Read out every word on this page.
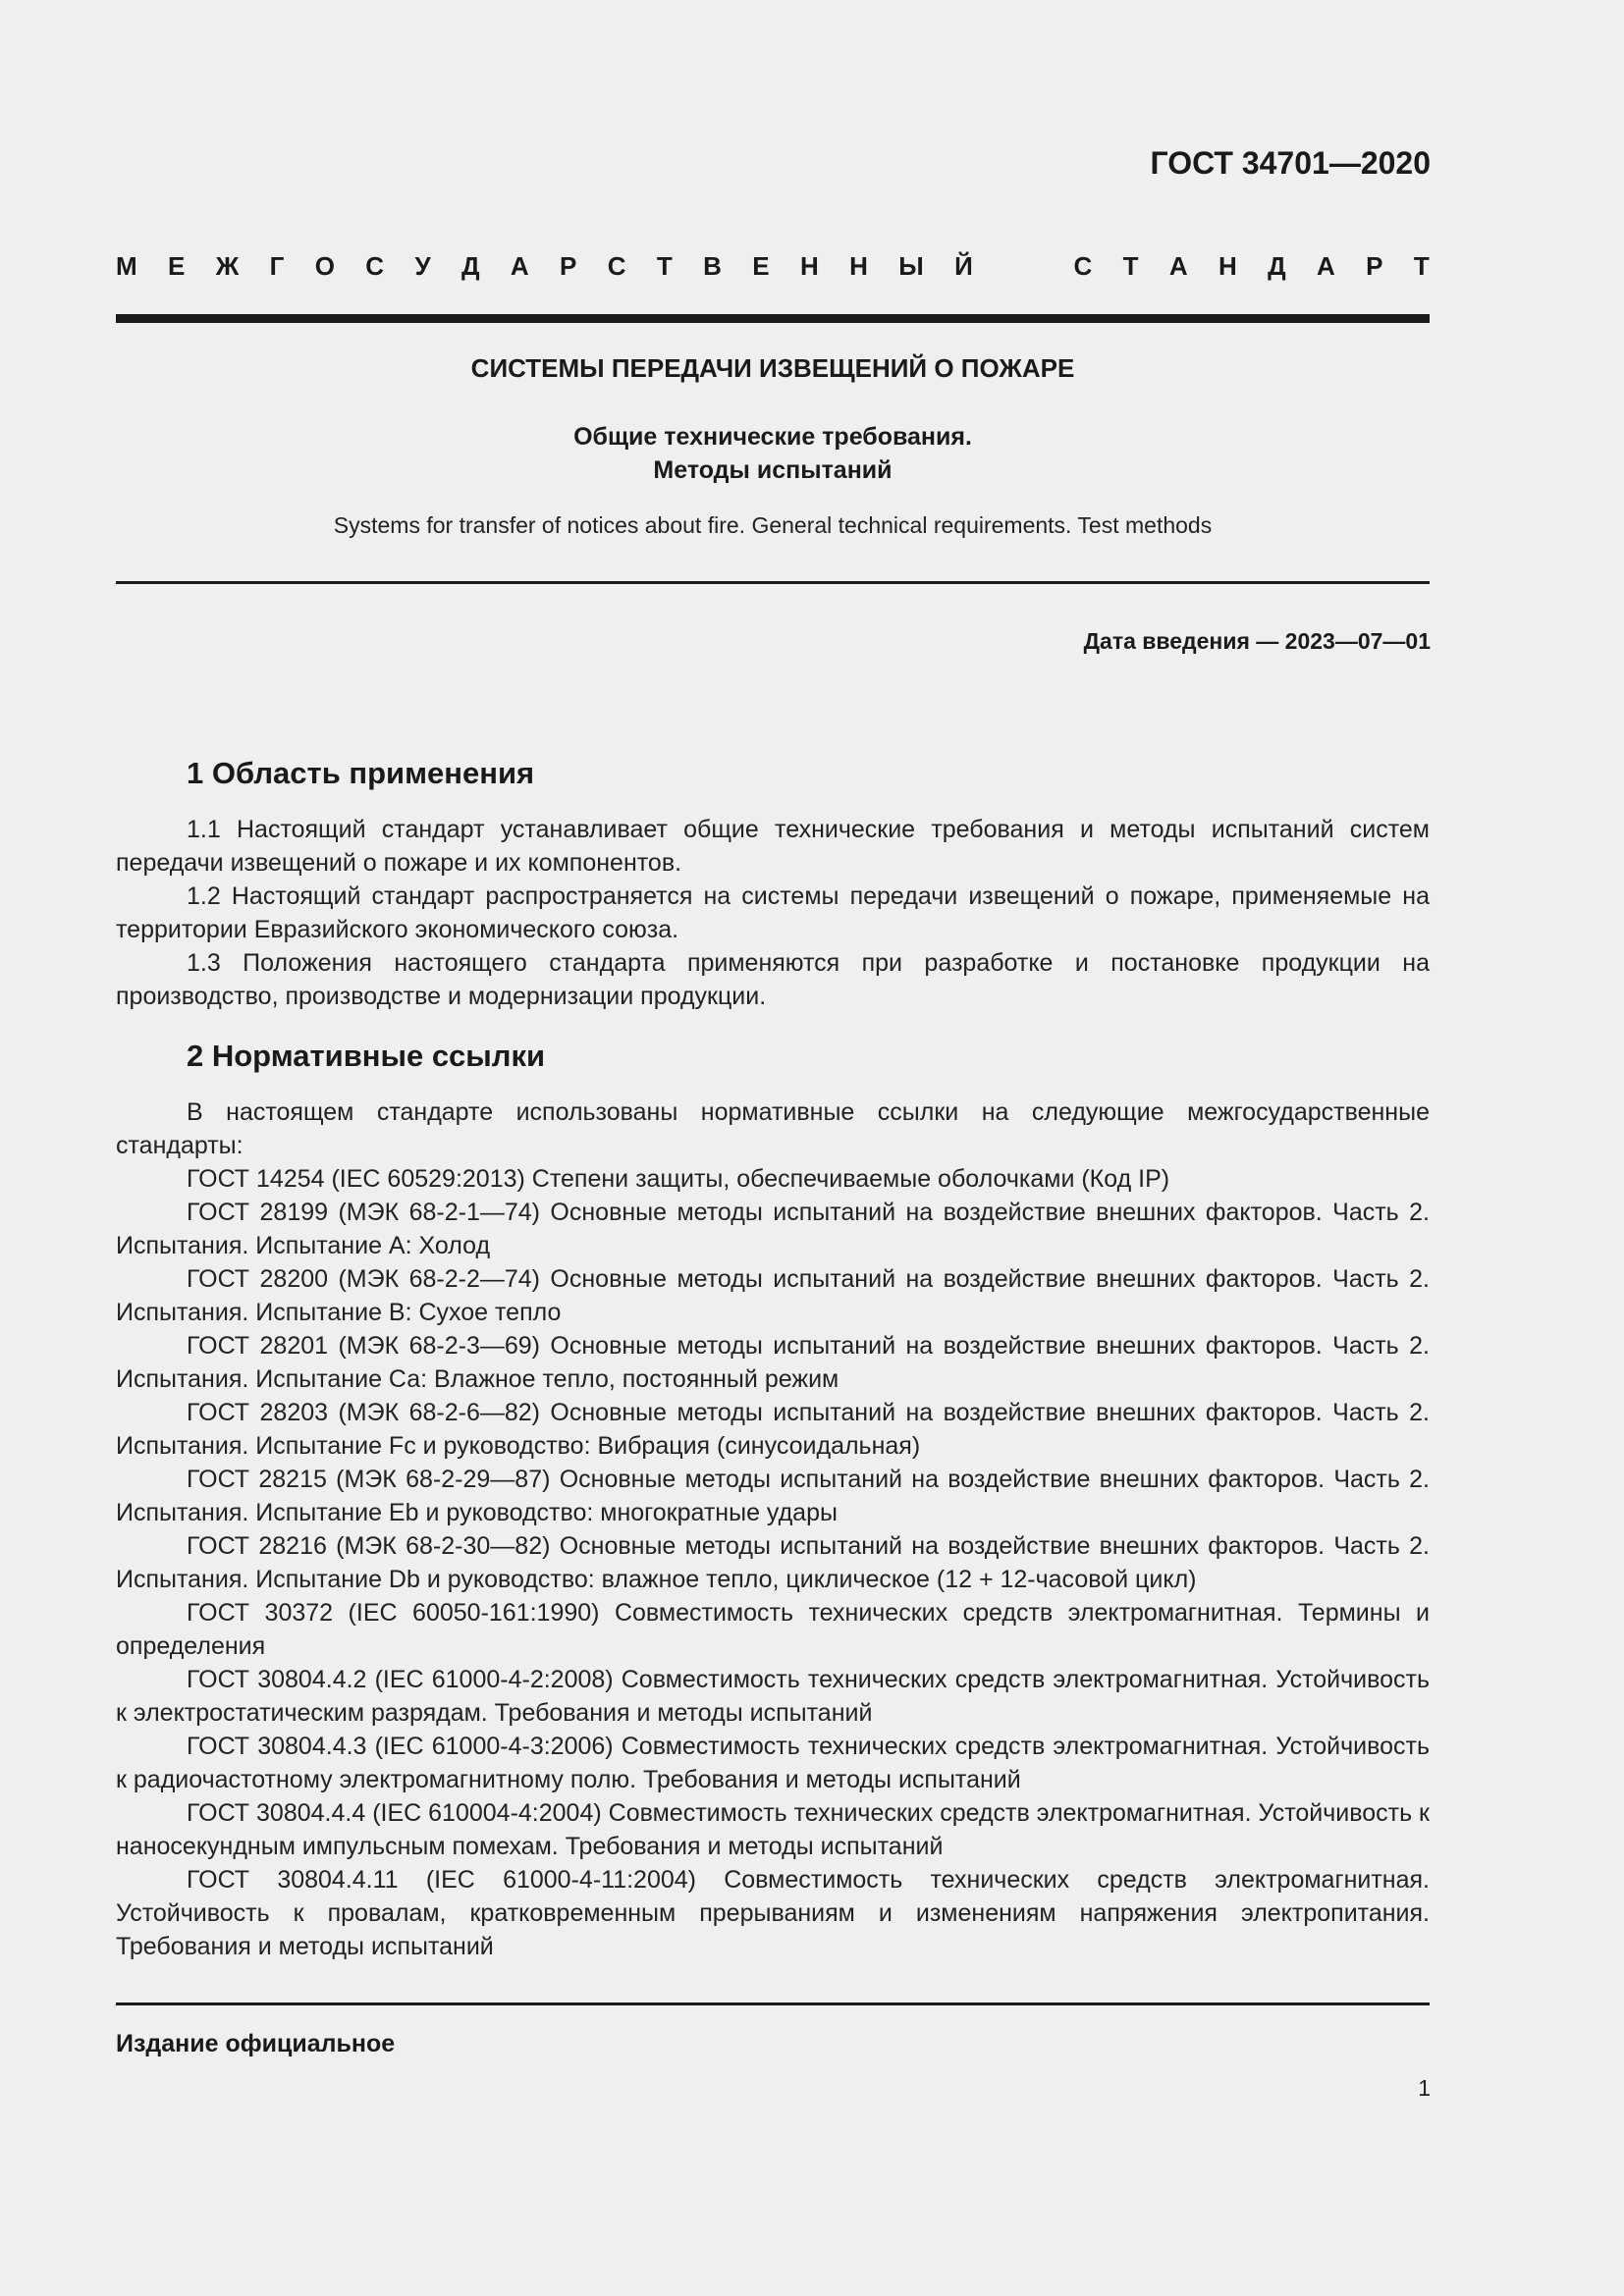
ГОСТ 34701—2020
М Е Ж Г О С У Д А Р С Т В Е Н Н Ы Й	С Т А Н Д А Р Т
СИСТЕМЫ ПЕРЕДАЧИ ИЗВЕЩЕНИЙ О ПОЖАРЕ
Общие технические требования.
Методы испытаний
Systems for transfer of notices about fire. General technical requirements. Test methods
Дата введения — 2023—07—01
1 Область применения

1.1 Настоящий стандарт устанавливает общие технические требования и методы испытаний систем передачи извещений о пожаре и их компонентов.

1.2 Настоящий стандарт распространяется на системы передачи извещений о пожаре, применяемые на территории Евразийского экономического союза.

1.3 Положения настоящего стандарта применяются при разработке и постановке продукции на производство, производстве и модернизации продукции.

2 Нормативные ссылки

В настоящем стандарте использованы нормативные ссылки на следующие межгосударственные стандарты:

ГОСТ 14254 (IEC 60529:2013) Степени защиты, обеспечиваемые оболочками (Код IP)

ГОСТ 28199 (МЭК 68-2-1—74) Основные методы испытаний на воздействие внешних факторов. Часть 2. Испытания. Испытание А: Холод

ГОСТ 28200 (МЭК 68-2-2—74) Основные методы испытаний на воздействие внешних факторов. Часть 2. Испытания. Испытание В: Сухое тепло

ГОСТ 28201 (МЭК 68-2-3—69) Основные методы испытаний на воздействие внешних факторов. Часть 2. Испытания. Испытание Са: Влажное тепло, постоянный режим

ГОСТ 28203 (МЭК 68-2-6—82) Основные методы испытаний на воздействие внешних факторов. Часть 2. Испытания. Испытание Fc и руководство: Вибрация (синусоидальная)

ГОСТ 28215 (МЭК 68-2-29—87) Основные методы испытаний на воздействие внешних факторов. Часть 2. Испытания. Испытание Eb и руководство: многократные удары

ГОСТ 28216 (МЭК 68-2-30—82) Основные методы испытаний на воздействие внешних факторов. Часть 2. Испытания. Испытание Db и руководство: влажное тепло, циклическое (12 + 12-часовой цикл)

ГОСТ 30372 (IEC 60050-161:1990) Совместимость технических средств электромагнитная. Термины и определения

ГОСТ 30804.4.2 (IEC 61000-4-2:2008) Совместимость технических средств электромагнитная. Устойчивость к электростатическим разрядам. Требования и методы испытаний

ГОСТ 30804.4.3 (IEC 61000-4-3:2006) Совместимость технических средств электромагнитная. Устойчивость к радиочастотному электромагнитному полю. Требования и методы испытаний

ГОСТ 30804.4.4 (IEC 610004-4:2004) Совместимость технических средств электромагнитная. Устойчивость к наносекундным импульсным помехам. Требования и методы испытаний

ГОСТ 30804.4.11 (IEC 61000-4-11:2004) Совместимость технических средств электромагнитная. Устойчивость к провалам, кратковременным прерываниям и изменениям напряжения электропитания. Требования и методы испытаний

Издание официальное
1
